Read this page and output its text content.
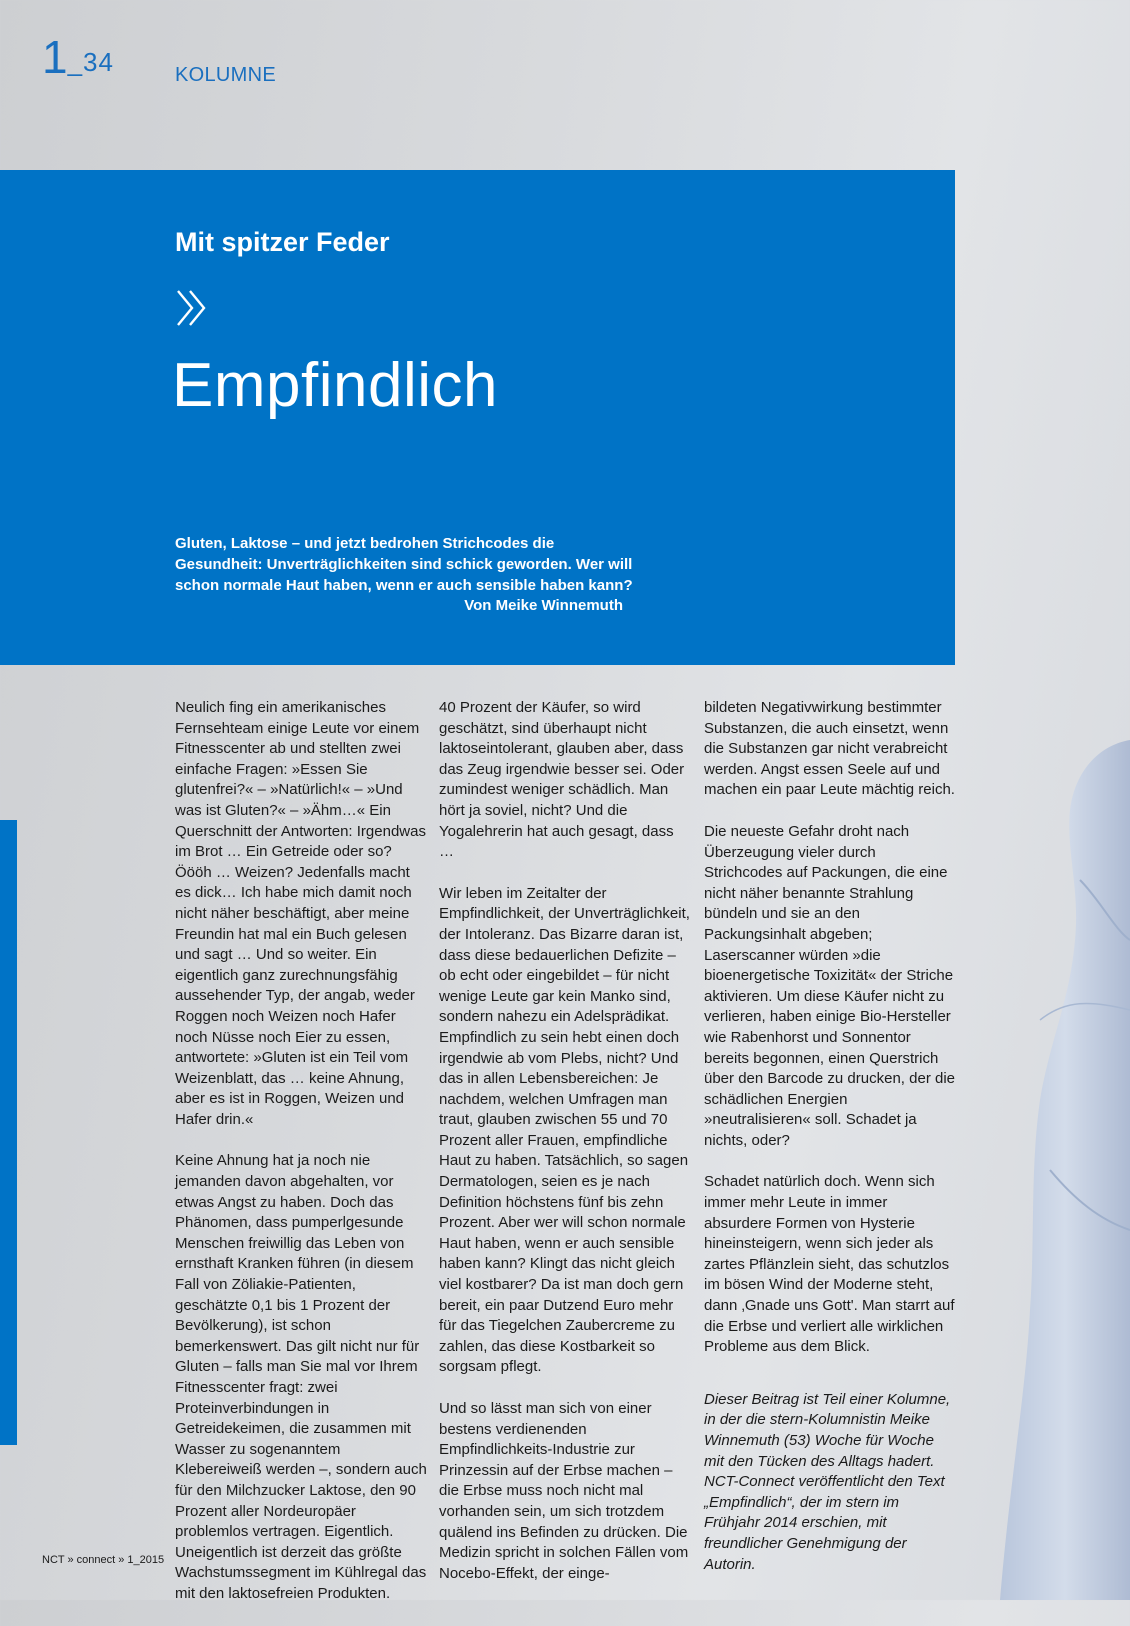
1_34	KOLUMNE
Mit spitzer Feder
Empfindlich
Gluten, Laktose – und jetzt bedrohen Strichcodes die Gesundheit: Unverträglichkeiten sind schick geworden. Wer will schon normale Haut haben, wenn er auch sensible haben kann?
Von Meike Winnemuth

Neulich fing ein amerikanisches Fernsehteam einige Leute vor einem Fitnesscenter ab und stellten zwei einfache Fragen: »Essen Sie glutenfrei?« – »Natürlich!« – »Und was ist Gluten?« – »Ähm…« Ein Querschnitt der Antworten: Irgendwas im Brot … Ein Getreide oder so? Öööh … Weizen? Jedenfalls macht es dick… Ich habe mich damit noch nicht näher beschäftigt, aber meine Freundin hat mal ein Buch gelesen und sagt … Und so weiter. Ein eigentlich ganz zurechnungsfähig aussehender Typ, der angab, weder Roggen noch Weizen noch Hafer noch Nüsse noch Eier zu essen, antwortete: »Gluten ist ein Teil vom Weizenblatt, das … keine Ahnung, aber es ist in Roggen, Weizen und Hafer drin.«

Keine Ahnung hat ja noch nie jemanden davon abgehalten, vor etwas Angst zu haben. Doch das Phänomen, dass pumperlgesunde Menschen freiwillig das Leben von ernsthaft Kranken führen (in diesem Fall von Zöliakie-Patienten, geschätzte 0,1 bis 1 Prozent der Bevölkerung), ist schon bemerkenswert. Das gilt nicht nur für Gluten – falls man Sie mal vor Ihrem Fitnesscenter fragt: zwei Proteinverbindungen in Getreidekeimen, die zusammen mit Wasser zu sogenanntem Klebereiweiß werden –, sondern auch für den Milchzucker Laktose, den 90 Prozent aller Nordeuropäer problemlos vertragen. Eigentlich. Uneigentlich ist derzeit das größte Wachstumssegment im Kühlregal das mit den laktosefreien Produkten.

40 Prozent der Käufer, so wird geschätzt, sind überhaupt nicht laktoseintolerant, glauben aber, dass das Zeug irgendwie besser sei. Oder zumindest weniger schädlich. Man hört ja soviel, nicht? Und die Yogalehrerin hat auch gesagt, dass …

Wir leben im Zeitalter der Empfindlichkeit, der Unverträglichkeit, der Intoleranz. Das Bizarre daran ist, dass diese bedauerlichen Defizite – ob echt oder eingebildet – für nicht wenige Leute gar kein Manko sind, sondern nahezu ein Adelsprädikat. Empfindlich zu sein hebt einen doch irgendwie ab vom Plebs, nicht? Und das in allen Lebensbereichen: Je nachdem, welchen Umfragen man traut, glauben zwischen 55 und 70 Prozent aller Frauen, empfindliche Haut zu haben. Tatsächlich, so sagen Dermatologen, seien es je nach Definition höchstens fünf bis zehn Prozent. Aber wer will schon normale Haut haben, wenn er auch sensible haben kann? Klingt das nicht gleich viel kostbarer? Da ist man doch gern bereit, ein paar Dutzend Euro mehr für das Tiegelchen Zaubercreme zu zahlen, das diese Kostbarkeit so sorgsam pflegt.

Und so lässt man sich von einer bestens verdienenden Empfindlichkeits-Industrie zur Prinzessin auf der Erbse machen – die Erbse muss noch nicht mal vorhanden sein, um sich trotzdem quälend ins Befinden zu drücken. Die Medizin spricht in solchen Fällen vom Nocebo-Effekt, der einge-

bildeten Negativwirkung bestimmter Substanzen, die auch einsetzt, wenn die Substanzen gar nicht verabreicht werden. Angst essen Seele auf und machen ein paar Leute mächtig reich.

Die neueste Gefahr droht nach Überzeugung vieler durch Strichcodes auf Packungen, die eine nicht näher benannte Strahlung bündeln und sie an den Packungsinhalt abgeben; Laserscanner würden »die bioenergetische Toxizität« der Striche aktivieren. Um diese Käufer nicht zu verlieren, haben einige Bio-Hersteller wie Rabenhorst und Sonnentor bereits begonnen, einen Querstrich über den Barcode zu drucken, der die schädlichen Energien »neutralisieren« soll. Schadet ja nichts, oder?

Schadet natürlich doch. Wenn sich immer mehr Leute in immer absurdere Formen von Hysterie hineinsteigern, wenn sich jeder als zartes Pflänzlein sieht, das schutzlos im bösen Wind der Moderne steht, dann ‚Gnade uns Gott'. Man starrt auf die Erbse und verliert alle wirklichen Probleme aus dem Blick.

Dieser Beitrag ist Teil einer Kolumne, in der die stern-Kolumnistin Meike Winnemuth (53) Woche für Woche mit den Tücken des Alltags hadert. NCT-Connect veröffentlicht den Text „Empfindlich“, der im stern im Frühjahr 2014 erschien, mit freundlicher Genehmigung der Autorin.

NCT » connect » 1_2015
